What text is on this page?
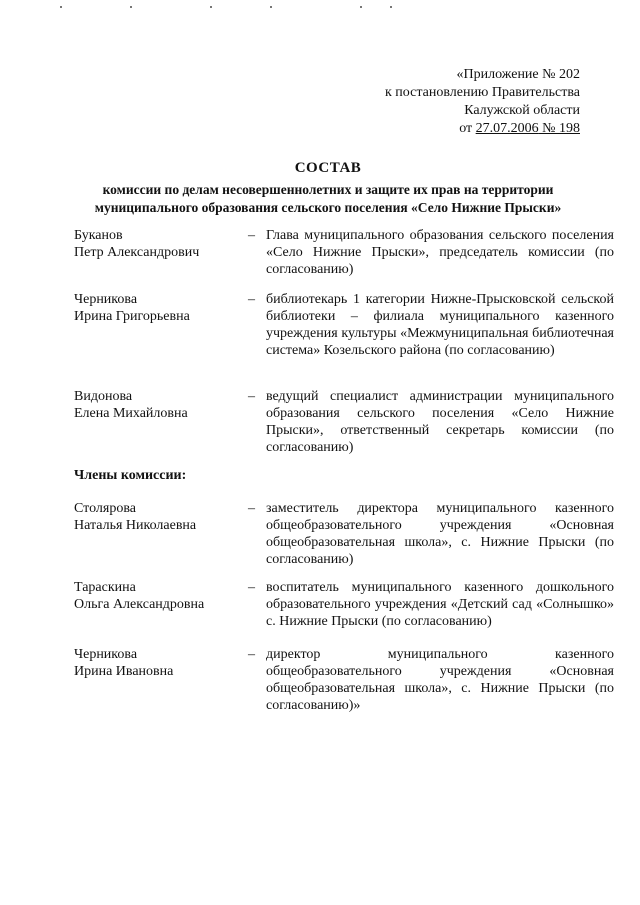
«Приложение № 202
к постановлению Правительства
Калужской области
от 27.07.2006 № 198
СОСТАВ
комиссии по делам несовершеннолетних и защите их прав на территории
муниципального образования сельского поселения «Село Нижние Прыски»
Буканов
Петр Александрович
– Глава муниципального образования сельского поселения «Село Нижние Прыски», председатель комиссии (по согласованию)
Черникова
Ирина Григорьевна
– библиотекарь 1 категории Нижне-Прысковской сельской библиотеки – филиала муниципального казенного учреждения культуры «Межмуниципальная библиотечная система» Козельского района (по согласованию)
Видонова
Елена Михайловна
– ведущий специалист администрации муниципального образования сельского поселения «Село Нижние Прыски», ответственный секретарь комиссии (по согласованию)
Члены комиссии:
Столярова
Наталья Николаевна
– заместитель директора муниципального казенного общеобразовательного учреждения «Основная общеобразовательная школа», с. Нижние Прыски (по согласованию)
Тараскина
Ольга Александровна
– воспитатель муниципального казенного дошкольного образовательного учреждения «Детский сад «Солнышко» с. Нижние Прыски (по согласованию)
Черникова
Ирина Ивановна
– директор муниципального казенного общеобразовательного учреждения «Основная общеобразовательная школа», с. Нижние Прыски (по согласованию)»
